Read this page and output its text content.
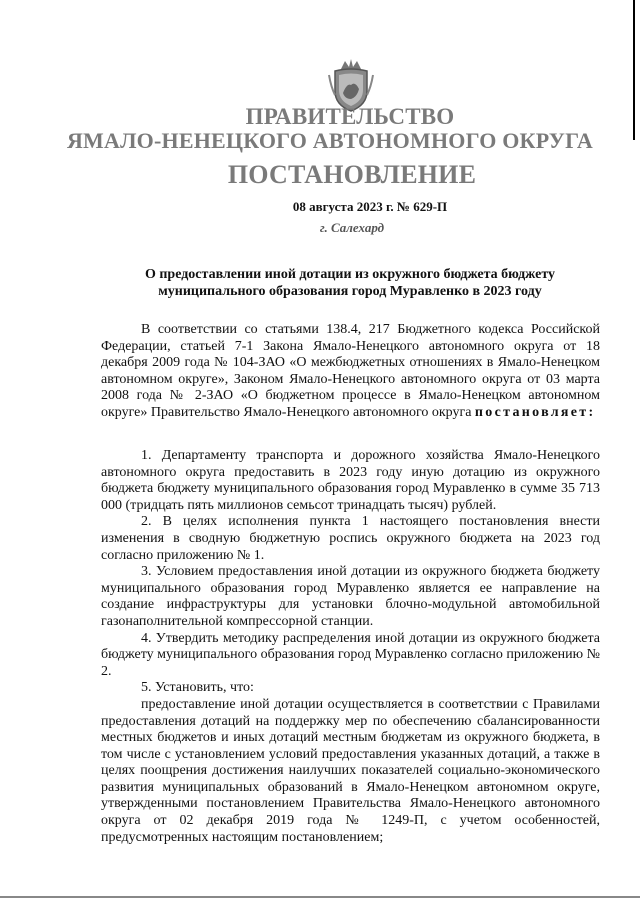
ПРАВИТЕЛЬСТВО
ЯМАЛО-НЕНЕЦКОГО АВТОНОМНОГО ОКРУГА
ПОСТАНОВЛЕНИЕ
08 августа 2023 г. № 629-П
г. Салехард
О предоставлении иной дотации из окружного бюджета бюджету муниципального образования город Муравленко в 2023 году

В соответствии со статьями 138.4, 217 Бюджетного кодекса Российской Федерации, статьей 7-1 Закона Ямало-Ненецкого автономного округа от 18 декабря 2009 года № 104-ЗАО «О межбюджетных отношениях в Ямало-Ненецком автономном округе», Законом Ямало-Ненецкого автономного округа от 03 марта 2008 года № 2-ЗАО «О бюджетном процессе в Ямало-Ненецком автономном округе» Правительство Ямало-Ненецкого автономного округа постановляет:

1. Департаменту транспорта и дорожного хозяйства Ямало-Ненецкого автономного округа предоставить в 2023 году иную дотацию из окружного бюджета бюджету муниципального образования город Муравленко в сумме 35 713 000 (тридцать пять миллионов семьсот тринадцать тысяч) рублей.

2. В целях исполнения пункта 1 настоящего постановления внести изменения в сводную бюджетную роспись окружного бюджета на 2023 год согласно приложению № 1.

3. Условием предоставления иной дотации из окружного бюджета бюджету муниципального образования город Муравленко является ее направление на создание инфраструктуры для установки блочно-модульной автомобильной газонаполнительной компрессорной станции.

4. Утвердить методику распределения иной дотации из окружного бюджета бюджету муниципального образования город Муравленко согласно приложению № 2.

5. Установить, что:

предоставление иной дотации осуществляется в соответствии с Правилами предоставления дотаций на поддержку мер по обеспечению сбалансированности местных бюджетов и иных дотаций местным бюджетам из окружного бюджета, в том числе с установлением условий предоставления указанных дотаций, а также в целях поощрения достижения наилучших показателей социально-экономического развития муниципальных образований в Ямало-Ненецком автономном округе, утвержденными постановлением Правительства Ямало-Ненецкого автономного округа от 02 декабря 2019 года № 1249-П, с учетом особенностей, предусмотренных настоящим постановлением;
